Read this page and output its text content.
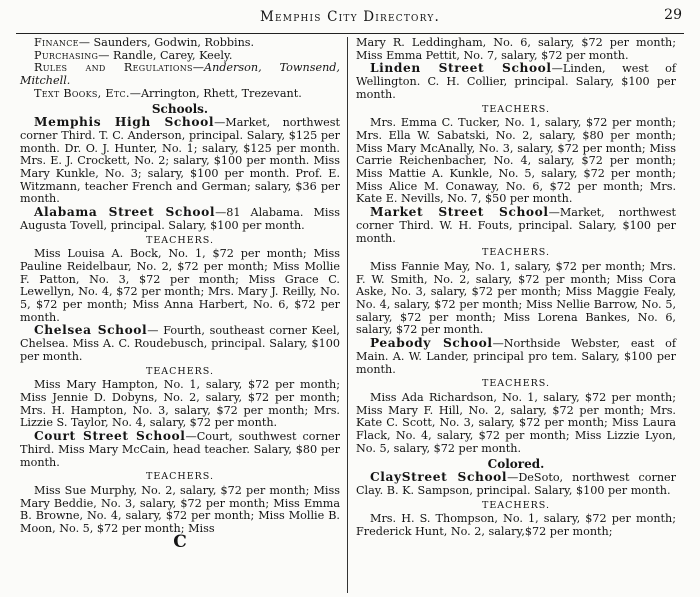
Memphis City Directory.	29

Finance— Saunders, Godwin, Robbins.

Purchasing— Randle, Carey, Keely.

Rules and Regulations—Anderson, Townsend, Mitchell.

Text Books, Etc.—Arrington, Rhett, Trezevant.

Schools.

Memphis High School—Market, northwest corner Third. T. C. Anderson, principal. Salary, $125 per month. Dr. O. J. Hunter, No. 1; salary, $125 per month. Mrs. E. J. Crockett, No. 2; salary, $100 per month. Miss Mary Kunkle, No. 3; salary, $100 per month. Prof. E. Witzmann, teacher French and German; salary, $36 per month.

Alabama Street School—81 Alabama. Miss Augusta Tovell, principal. Salary, $100 per month.

TEACHERS.

Miss Louisa A. Bock, No. 1, $72 per month; Miss Pauline Reidelbaur, No. 2, $72 per month; Miss Mollie F. Patton, No. 3, $72 per month; Miss Grace C. Lewellyn, No. 4, $72 per month; Mrs. Mary J. Reilly, No. 5, $72 per month; Miss Anna Harbert, No. 6, $72 per month.

Chelsea School— Fourth, southeast corner Keel, Chelsea. Miss A. C. Roudebusch, principal. Salary, $100 per month.

TEACHERS.

Miss Mary Hampton, No. 1, salary, $72 per month; Miss Jennie D. Dobyns, No. 2, salary, $72 per month; Mrs. H. Hampton, No. 3, salary, $72 per month; Mrs. Lizzie S. Taylor, No. 4, salary, $72 per month.

Court Street School—Court, southwest corner Third. Miss Mary McCain, head teacher. Salary, $80 per month.

TEACHERS.

Miss Sue Murphy, No. 2, salary, $72 per month; Miss Mary Beddie, No. 3, salary, $72 per month; Miss Emma B. Browne, No. 4, salary, $72 per month; Miss Mollie B. Moon, No. 5, $72 per month; Miss

C

Mary R. Leddingham, No. 6, salary, $72 per month; Miss Emma Pettit, No. 7, salary, $72 per month.

Linden Street School—Linden, west of Wellington. C. H. Collier, principal. Salary, $100 per month.

TEACHERS.

Mrs. Emma C. Tucker, No. 1, salary, $72 per month; Mrs. Ella W. Sabatski, No. 2, salary, $80 per month; Miss Mary McAnally, No. 3, salary, $72 per month; Miss Carrie Reichenbacher, No. 4, salary, $72 per month; Miss Mattie A. Kunkle, No. 5, salary, $72 per month; Miss Alice M. Conaway, No. 6, $72 per month; Mrs. Kate E. Nevills, No. 7, $50 per month.

Market Street School—Market, northwest corner Third. W. H. Fouts, principal. Salary, $100 per month.

TEACHERS.

Miss Fannie May, No. 1, salary, $72 per month; Mrs. F. W. Smith, No. 2, salary, $72 per month; Miss Cora Aske, No. 3, salary, $72 per month; Miss Maggie Fealy, No. 4, salary, $72 per month; Miss Nellie Barrow, No. 5, salary, $72 per month; Miss Lorena Bankes, No. 6, salary, $72 per month.

Peabody School—Northside Webster, east of Main. A. W. Lander, principal pro tem. Salary, $100 per month.

TEACHERS.

Miss Ada Richardson, No. 1, salary, $72 per month; Miss Mary F. Hill, No. 2, salary, $72 per month; Mrs. Kate C. Scott, No. 3, salary, $72 per month; Miss Laura Flack, No. 4, salary, $72 per month; Miss Lizzie Lyon, No. 5, salary, $72 per month.

Colored.

ClayStreet School—DeSoto, northwest corner Clay. B. K. Sampson, principal. Salary, $100 per month.

TEACHERS.

Mrs. H. S. Thompson, No. 1, salary, $72 per month; Frederick Hunt, No. 2, salary,$72 per month;
